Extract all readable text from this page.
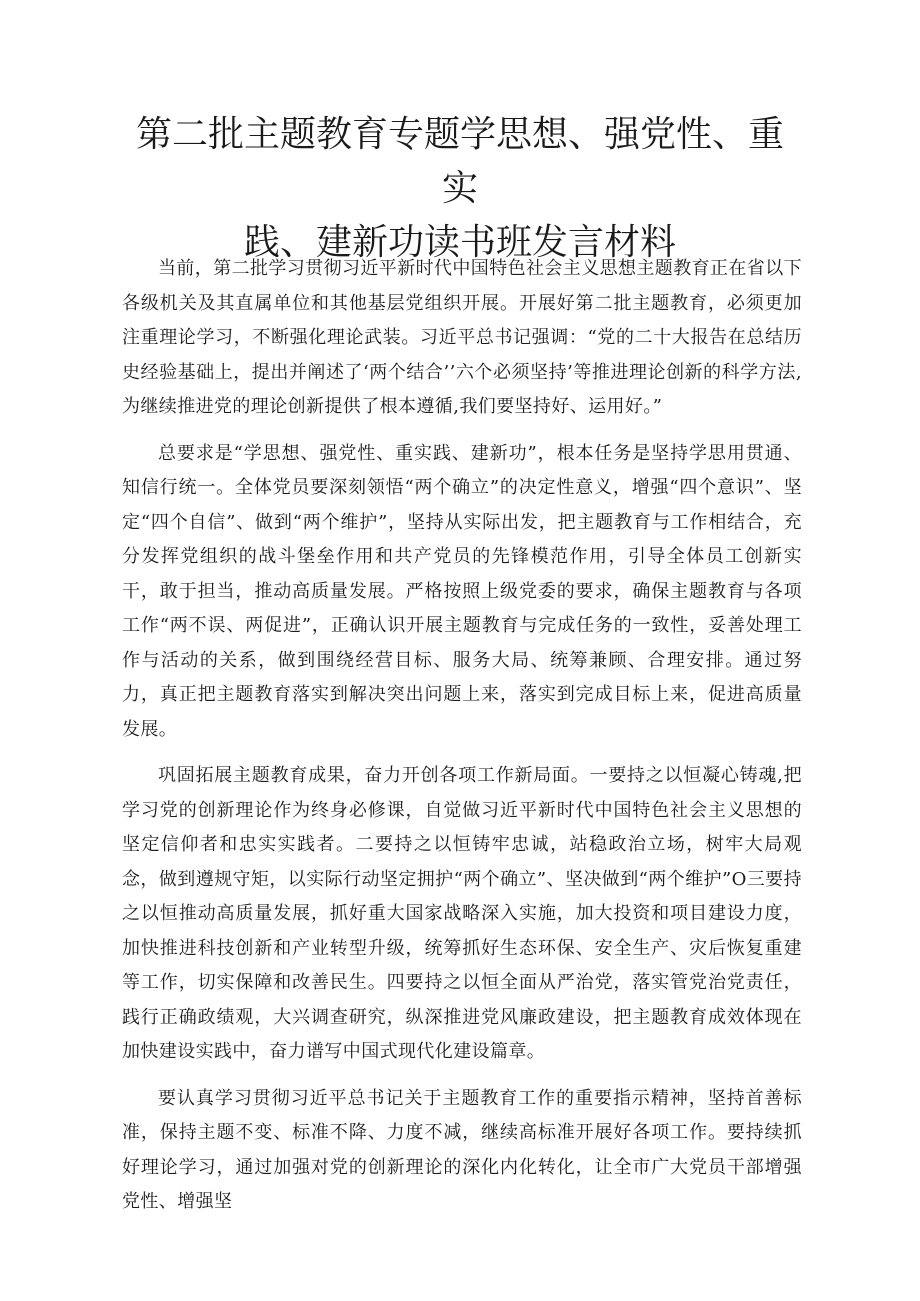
第二批主题教育专题学思想、强党性、重实
践、建新功读书班发言材料

当前，第二批学习贯彻习近平新时代中国特色社会主义思想主题教育正在省以下各级机关及其直属单位和其他基层党组织开展。开展好第二批主题教育，必须更加注重理论学习，不断强化理论武装。习近平总书记强调：“党的二十大报告在总结历史经验基础上，提出并阐述了‘两个结合’’六个必须坚持’等推进理论创新的科学方法,为继续推进党的理论创新提供了根本遵循,我们要坚持好、运用好。”

总要求是“学思想、强党性、重实践、建新功”，根本任务是坚持学思用贯通、知信行统一。全体党员要深刻领悟“两个确立”的决定性意义，增强“四个意识”、坚定“四个自信”、做到“两个维护”，坚持从实际出发，把主题教育与工作相结合，充分发挥党组织的战斗堡垒作用和共产党员的先锋模范作用，引导全体员工创新实干，敢于担当，推动高质量发展。严格按照上级党委的要求，确保主题教育与各项工作“两不误、两促进”，正确认识开展主题教育与完成任务的一致性，妥善处理工作与活动的关系，做到围绕经营目标、服务大局、统筹兼顾、合理安排。通过努力，真正把主题教育落实到解决突出问题上来，落实到完成目标上来，促进高质量发展。

巩固拓展主题教育成果，奋力开创各项工作新局面。一要持之以恒凝心铸魂,把学习党的创新理论作为终身必修课，自觉做习近平新时代中国特色社会主义思想的坚定信仰者和忠实实践者。二要持之以恒铸牢忠诚，站稳政治立场，树牢大局观念，做到遵规守矩，以实际行动坚定拥护“两个确立”、坚决做到“两个维护”O三要持之以恒推动高质量发展，抓好重大国家战略深入实施，加大投资和项目建设力度，加快推进科技创新和产业转型升级，统筹抓好生态环保、安全生产、灾后恢复重建等工作，切实保障和改善民生。四要持之以恒全面从严治党，落实管党治党责任，践行正确政绩观，大兴调查研究，纵深推进党风廉政建设，把主题教育成效体现在加快建设实践中，奋力谱写中国式现代化建设篇章。

要认真学习贯彻习近平总书记关于主题教育工作的重要指示精神，坚持首善标准，保持主题不变、标准不降、力度不减，继续高标准开展好各项工作。要持续抓好理论学习，通过加强对党的创新理论的深化内化转化，让全市广大党员干部增强党性、增强坚
